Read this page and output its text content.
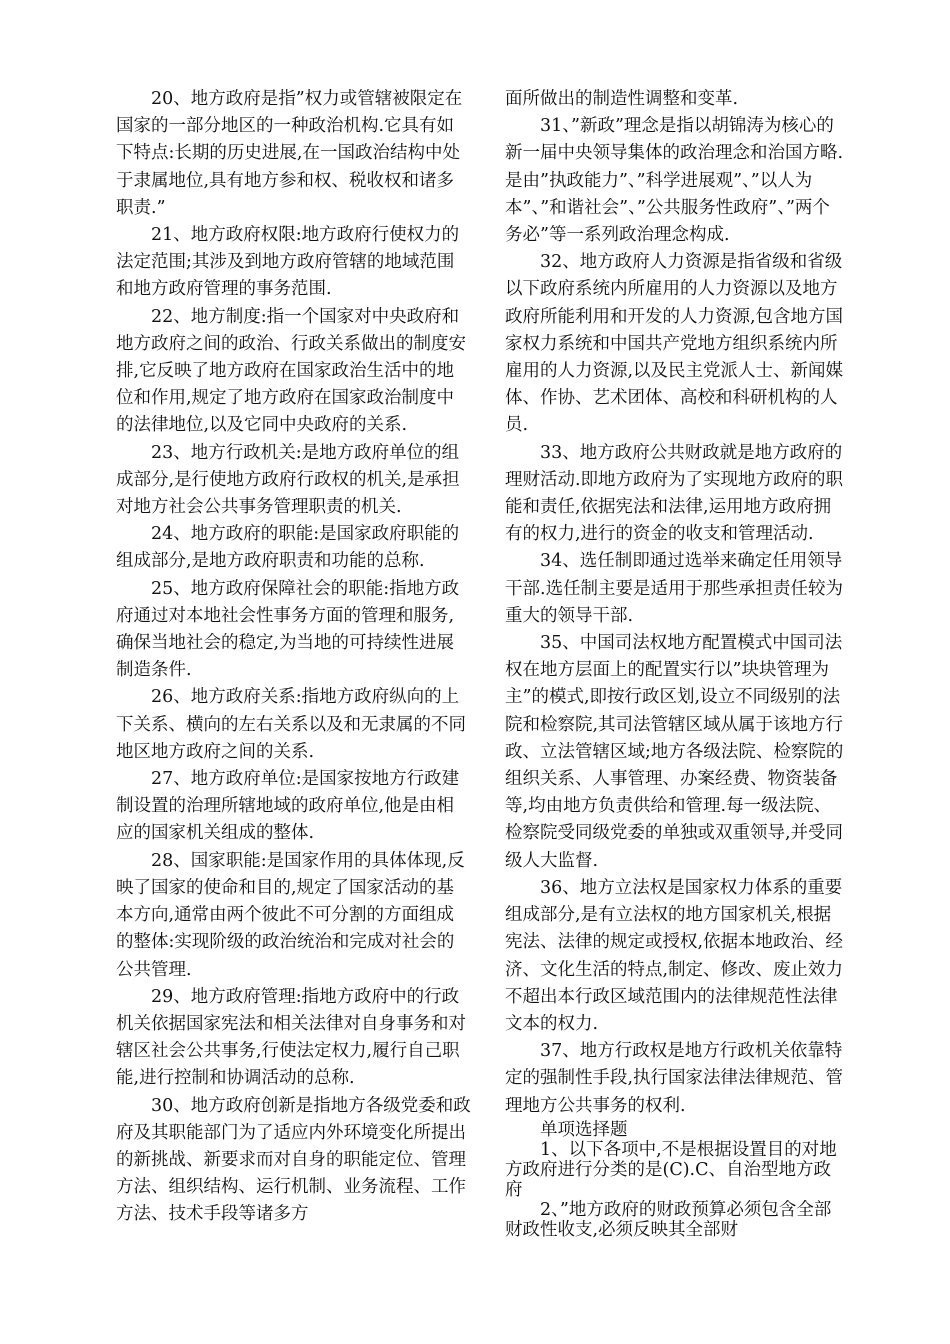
20、地方政府是指”权力或管辖被限定在国家的一部分地区的一种政治机构.它具有如下特点:长期的历史进展,在一国政治结构中处于隶属地位,具有地方参和权、税收权和诸多职责.”

21、地方政府权限:地方政府行使权力的法定范围;其涉及到地方政府管辖的地域范围和地方政府管理的事务范围.

22、地方制度:指一个国家对中央政府和地方政府之间的政治、行政关系做出的制度安排,它反映了地方政府在国家政治生活中的地位和作用,规定了地方政府在国家政治制度中的法律地位,以及它同中央政府的关系.

23、地方行政机关:是地方政府单位的组成部分,是行使地方政府行政权的机关,是承担对地方社会公共事务管理职责的机关.

24、地方政府的职能:是国家政府职能的组成部分,是地方政府职责和功能的总称.

25、地方政府保障社会的职能:指地方政府通过对本地社会性事务方面的管理和服务,确保当地社会的稳定,为当地的可持续性进展制造条件.

26、地方政府关系:指地方政府纵向的上下关系、横向的左右关系以及和无隶属的不同地区地方政府之间的关系.

27、地方政府单位:是国家按地方行政建制设置的治理所辖地域的政府单位,他是由相应的国家机关组成的整体.

28、国家职能:是国家作用的具体体现,反映了国家的使命和目的,规定了国家活动的基本方向,通常由两个彼此不可分割的方面组成的整体:实现阶级的政治统治和完成对社会的公共管理.

29、地方政府管理:指地方政府中的行政机关依据国家宪法和相关法律对自身事务和对辖区社会公共事务,行使法定权力,履行自己职能,进行控制和协调活动的总称.

30、地方政府创新是指地方各级党委和政府及其职能部门为了适应内外环境变化所提出的新挑战、新要求而对自身的职能定位、管理方法、组织结构、运行机制、业务流程、工作方法、技术手段等诸多方

面所做出的制造性调整和变革.

31、”新政”理念是指以胡锦涛为核心的新一届中央领导集体的政治理念和治国方略.是由”执政能力”、”科学进展观”、”以人为本”、”和谐社会”、”公共服务性政府”、”两个务必”等一系列政治理念构成.

32、地方政府人力资源是指省级和省级以下政府系统内所雇用的人力资源以及地方政府所能利用和开发的人力资源,包含地方国家权力系统和中国共产党地方组织系统内所雇用的人力资源,以及民主党派人士、新闻媒体、作协、艺术团体、高校和科研机构的人员.

33、地方政府公共财政就是地方政府的理财活动.即地方政府为了实现地方政府的职能和责任,依据宪法和法律,运用地方政府拥有的权力,进行的资金的收支和管理活动.

34、选任制即通过选举来确定任用领导干部.选任制主要是适用于那些承担责任较为重大的领导干部.

35、中国司法权地方配置模式中国司法权在地方层面上的配置实行以”块块管理为主”的模式,即按行政区划,设立不同级别的法院和检察院,其司法管辖区域从属于该地方行政、立法管辖区域;地方各级法院、检察院的组织关系、人事管理、办案经费、物资装备等,均由地方负责供给和管理.每一级法院、检察院受同级党委的单独或双重领导,并受同级人大监督.

36、地方立法权是国家权力体系的重要组成部分,是有立法权的地方国家机关,根据宪法、法律的规定或授权,依据本地政治、经济、文化生活的特点,制定、修改、废止效力不超出本行政区域范围内的法律规范性法律文本的权力.

37、地方行政权是地方行政机关依靠特定的强制性手段,执行国家法律法律规范、管理地方公共事务的权利.

单项选择题

1、以下各项中,不是根据设置目的对地方政府进行分类的是(C).C、自治型地方政府

2、”地方政府的财政预算必须包含全部财政性收支,必须反映其全部财
